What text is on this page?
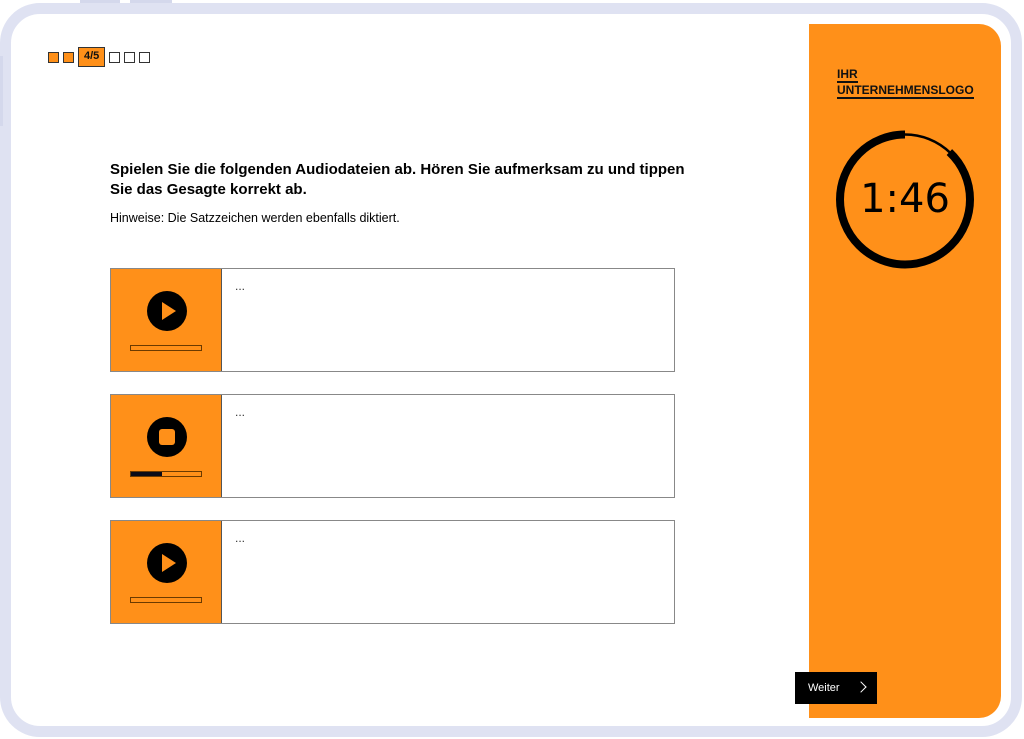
4/5
Spielen Sie die folgenden Audiodateien ab. Hören Sie aufmerksam zu und tippen Sie das Gesagte korrekt ab.
Hinweise: Die Satzzeichen werden ebenfalls diktiert.
...
...
...
IHR
UNTERNEHMENSLOGO
1:46
Weiter
